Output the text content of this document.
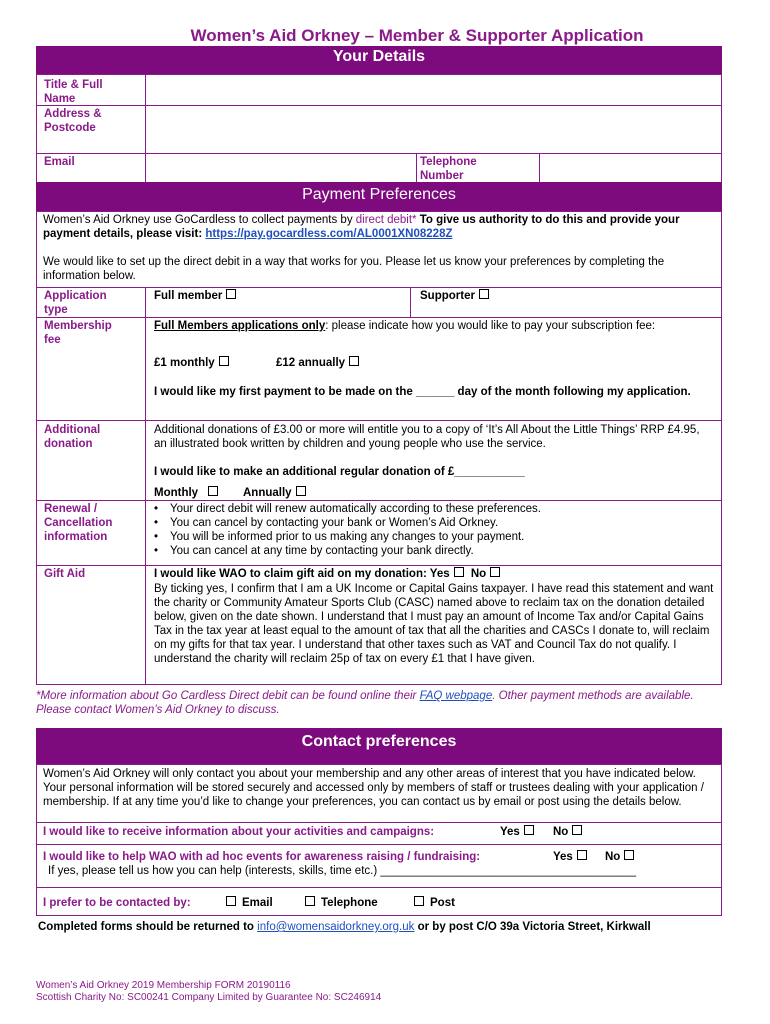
Women’s Aid Orkney – Member & Supporter Application
Your Details
Title & Full Name
Address & Postcode
Email	Telephone Number
Payment Preferences
Women’s Aid Orkney use GoCardless to collect payments by direct debit* To give us authority to do this and provide your payment details, please visit: https://pay.gocardless.com/AL0001XN08228Z
We would like to set up the direct debit in a way that works for you. Please let us know your preferences by completing the information below.
Application type
Full member	Supporter
Membership fee
Full Members applications only: please indicate how you would like to pay your subscription fee:
£1 monthly	£12 annually
I would like my first payment to be made on the ______ day of the month following my application.
Additional donation
Additional donations of £3.00 or more will entitle you to a copy of ‘It’s All About the Little Things’ RRP £4.95, an illustrated book written by children and young people who use the service.
I would like to make an additional regular donation of £___________
Monthly	Annually
Renewal / Cancellation information
• Your direct debit will renew automatically according to these preferences.
• You can cancel by contacting your bank or Women’s Aid Orkney.
• You will be informed prior to us making any changes to your payment.
• You can cancel at any time by contacting your bank directly.
Gift Aid	I would like WAO to claim gift aid on my donation: Yes No
By ticking yes, I confirm that I am a UK Income or Capital Gains taxpayer. I have read this statement and want the charity or Community Amateur Sports Club (CASC) named above to reclaim tax on the donation detailed below, given on the date shown. I understand that I must pay an amount of Income Tax and/or Capital Gains Tax in the tax year at least equal to the amount of tax that all the charities and CASCs I donate to, will reclaim on my gifts for that tax year. I understand that other taxes such as VAT and Council Tax do not qualify. I understand the charity will reclaim 25p of tax on every £1 that I have given.
*More information about Go Cardless Direct debit can be found online their FAQ webpage. Other payment methods are available. Please contact Women’s Aid Orkney to discuss.
Contact preferences
Women’s Aid Orkney will only contact you about your membership and any other areas of interest that you have indicated below. Your personal information will be stored securely and accessed only by members of staff or trustees dealing with your application / membership. If at any time you’d like to change your preferences, you can contact us by email or post using the details below.
I would like to receive information about your activities and campaigns:	Yes	No
I would like to help WAO with ad hoc events for awareness raising / fundraising:	Yes	No
If yes, please tell us how you can help (interests, skills, time etc.) ________________________________________
I prefer to be contacted by:	Email	Telephone	Post
Completed forms should be returned to info@womensaidorkney.org.uk or by post C/O 39a Victoria Street, Kirkwall
Women’s Aid Orkney 2019 Membership FORM 20190116
Scottish Charity No: SC00241 Company Limited by Guarantee No: SC246914
